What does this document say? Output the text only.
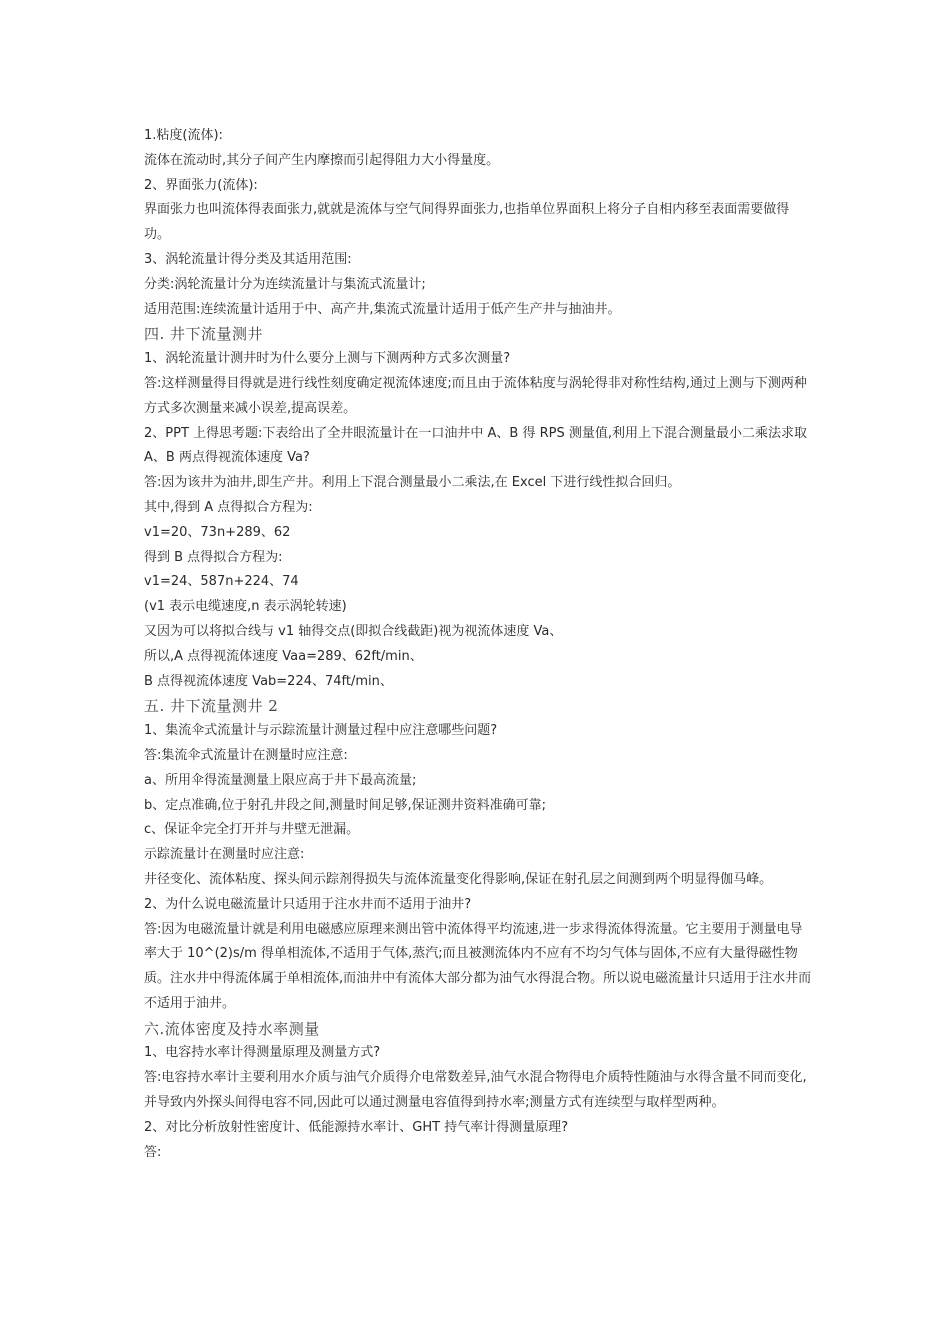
1.粘度(流体):

流体在流动时,其分子间产生内摩擦而引起得阻力大小得量度。

2、界面张力(流体):

界面张力也叫流体得表面张力,就就是流体与空气间得界面张力,也指单位界面积上将分子自相内移至表面需要做得功。

3、涡轮流量计得分类及其适用范围:

分类:涡轮流量计分为连续流量计与集流式流量计;

适用范围:连续流量计适用于中、高产井,集流式流量计适用于低产生产井与抽油井。

四. 井下流量测井

1、涡轮流量计测井时为什么要分上测与下测两种方式多次测量?

答:这样测量得目得就是进行线性刻度确定视流体速度;而且由于流体粘度与涡轮得非对称性结构,通过上测与下测两种方式多次测量来减小误差,提高误差。

2、PPT 上得思考题:下表给出了全井眼流量计在一口油井中 A、B 得 RPS 测量值,利用上下混合测量最小二乘法求取 A、B 两点得视流体速度 Va?

答:因为该井为油井,即生产井。利用上下混合测量最小二乘法,在 Excel 下进行线性拟合回归。

其中,得到 A 点得拟合方程为:

v1=20、73n+289、62

得到 B 点得拟合方程为:

v1=24、587n+224、74

(v1 表示电缆速度,n 表示涡轮转速)

又因为可以将拟合线与 v1 轴得交点(即拟合线截距)视为视流体速度 Va、

所以,A 点得视流体速度 Vaa=289、62ft/min、

B 点得视流体速度 Vab=224、74ft/min、

五. 井下流量测井 2

1、集流伞式流量计与示踪流量计测量过程中应注意哪些问题?

答:集流伞式流量计在测量时应注意:

a、所用伞得流量测量上限应高于井下最高流量;

b、定点准确,位于射孔井段之间,测量时间足够,保证测井资料准确可靠;

c、保证伞完全打开并与井壁无泄漏。

示踪流量计在测量时应注意:

井径变化、流体粘度、探头间示踪剂得损失与流体流量变化得影响,保证在射孔层之间测到两个明显得伽马峰。

2、为什么说电磁流量计只适用于注水井而不适用于油井?

答:因为电磁流量计就是利用电磁感应原理来测出管中流体得平均流速,进一步求得流体得流量。它主要用于测量电导率大于 10^(2)s/m 得单相流体,不适用于气体,蒸汽;而且被测流体内不应有不均匀气体与固体,不应有大量得磁性物质。注水井中得流体属于单相流体,而油井中有流体大部分都为油气水得混合物。所以说电磁流量计只适用于注水井而不适用于油井。

六.流体密度及持水率测量

1、电容持水率计得测量原理及测量方式?

答:电容持水率计主要利用水介质与油气介质得介电常数差异,油气水混合物得电介质特性随油与水得含量不同而变化,并导致内外探头间得电容不同,因此可以通过测量电容值得到持水率;测量方式有连续型与取样型两种。

2、对比分析放射性密度计、低能源持水率计、GHT 持气率计得测量原理?

答:
